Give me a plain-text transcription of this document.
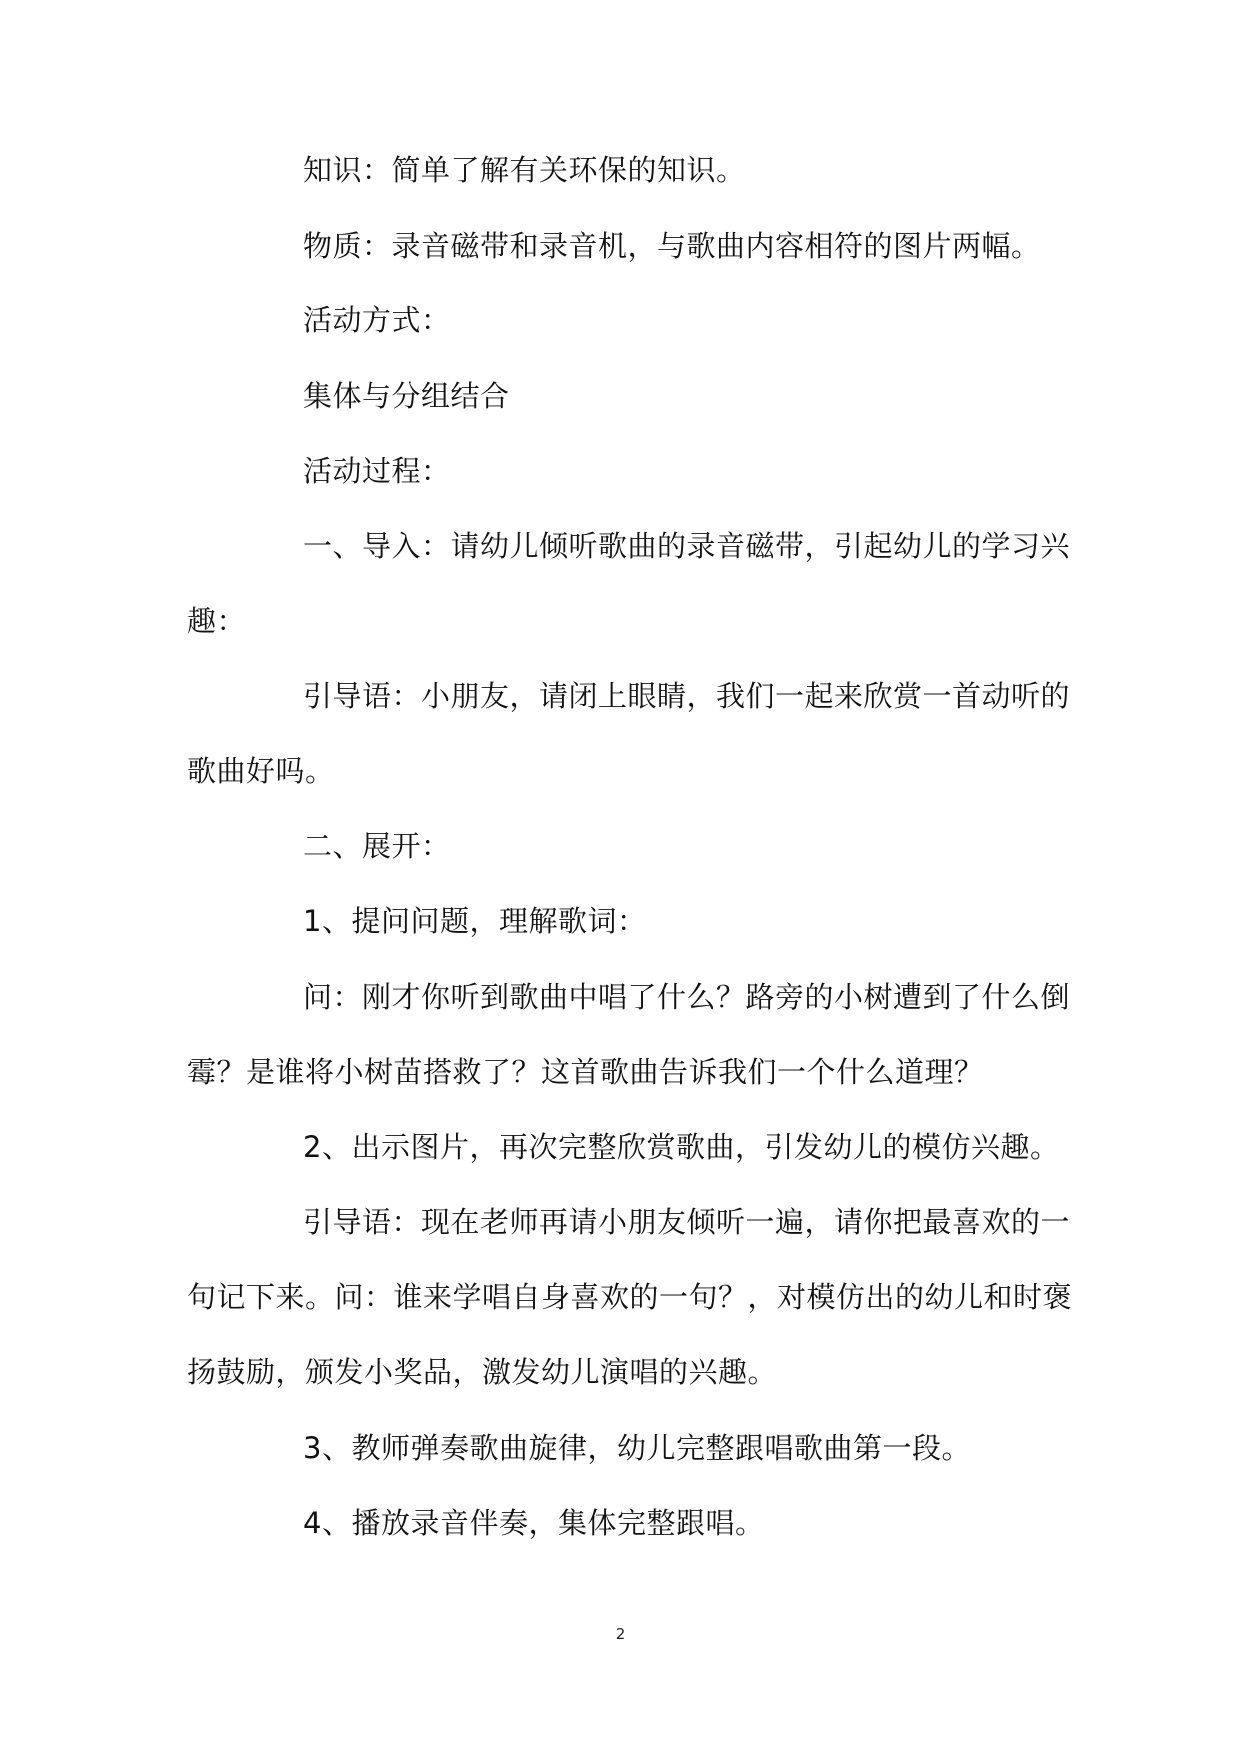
知识：简单了解有关环保的知识。
物质：录音磁带和录音机，与歌曲内容相符的图片两幅。
活动方式：
集体与分组结合
活动过程：
一、导入：请幼儿倾听歌曲的录音磁带，引起幼儿的学习兴
趣：
引导语：小朋友，请闭上眼睛，我们一起来欣赏一首动听的
歌曲好吗。
二、展开：
1、提问问题，理解歌词：
问：刚才你听到歌曲中唱了什么？路旁的小树遭到了什么倒
霉？是谁将小树苗搭救了？这首歌曲告诉我们一个什么道理？
2、出示图片，再次完整欣赏歌曲，引发幼儿的模仿兴趣。
引导语：现在老师再请小朋友倾听一遍，请你把最喜欢的一
句记下来。问：谁来学唱自身喜欢的一句？，对模仿出的幼儿和时褒
扬鼓励，颁发小奖品，激发幼儿演唱的兴趣。
3、教师弹奏歌曲旋律，幼儿完整跟唱歌曲第一段。
4、播放录音伴奏，集体完整跟唱。
2
